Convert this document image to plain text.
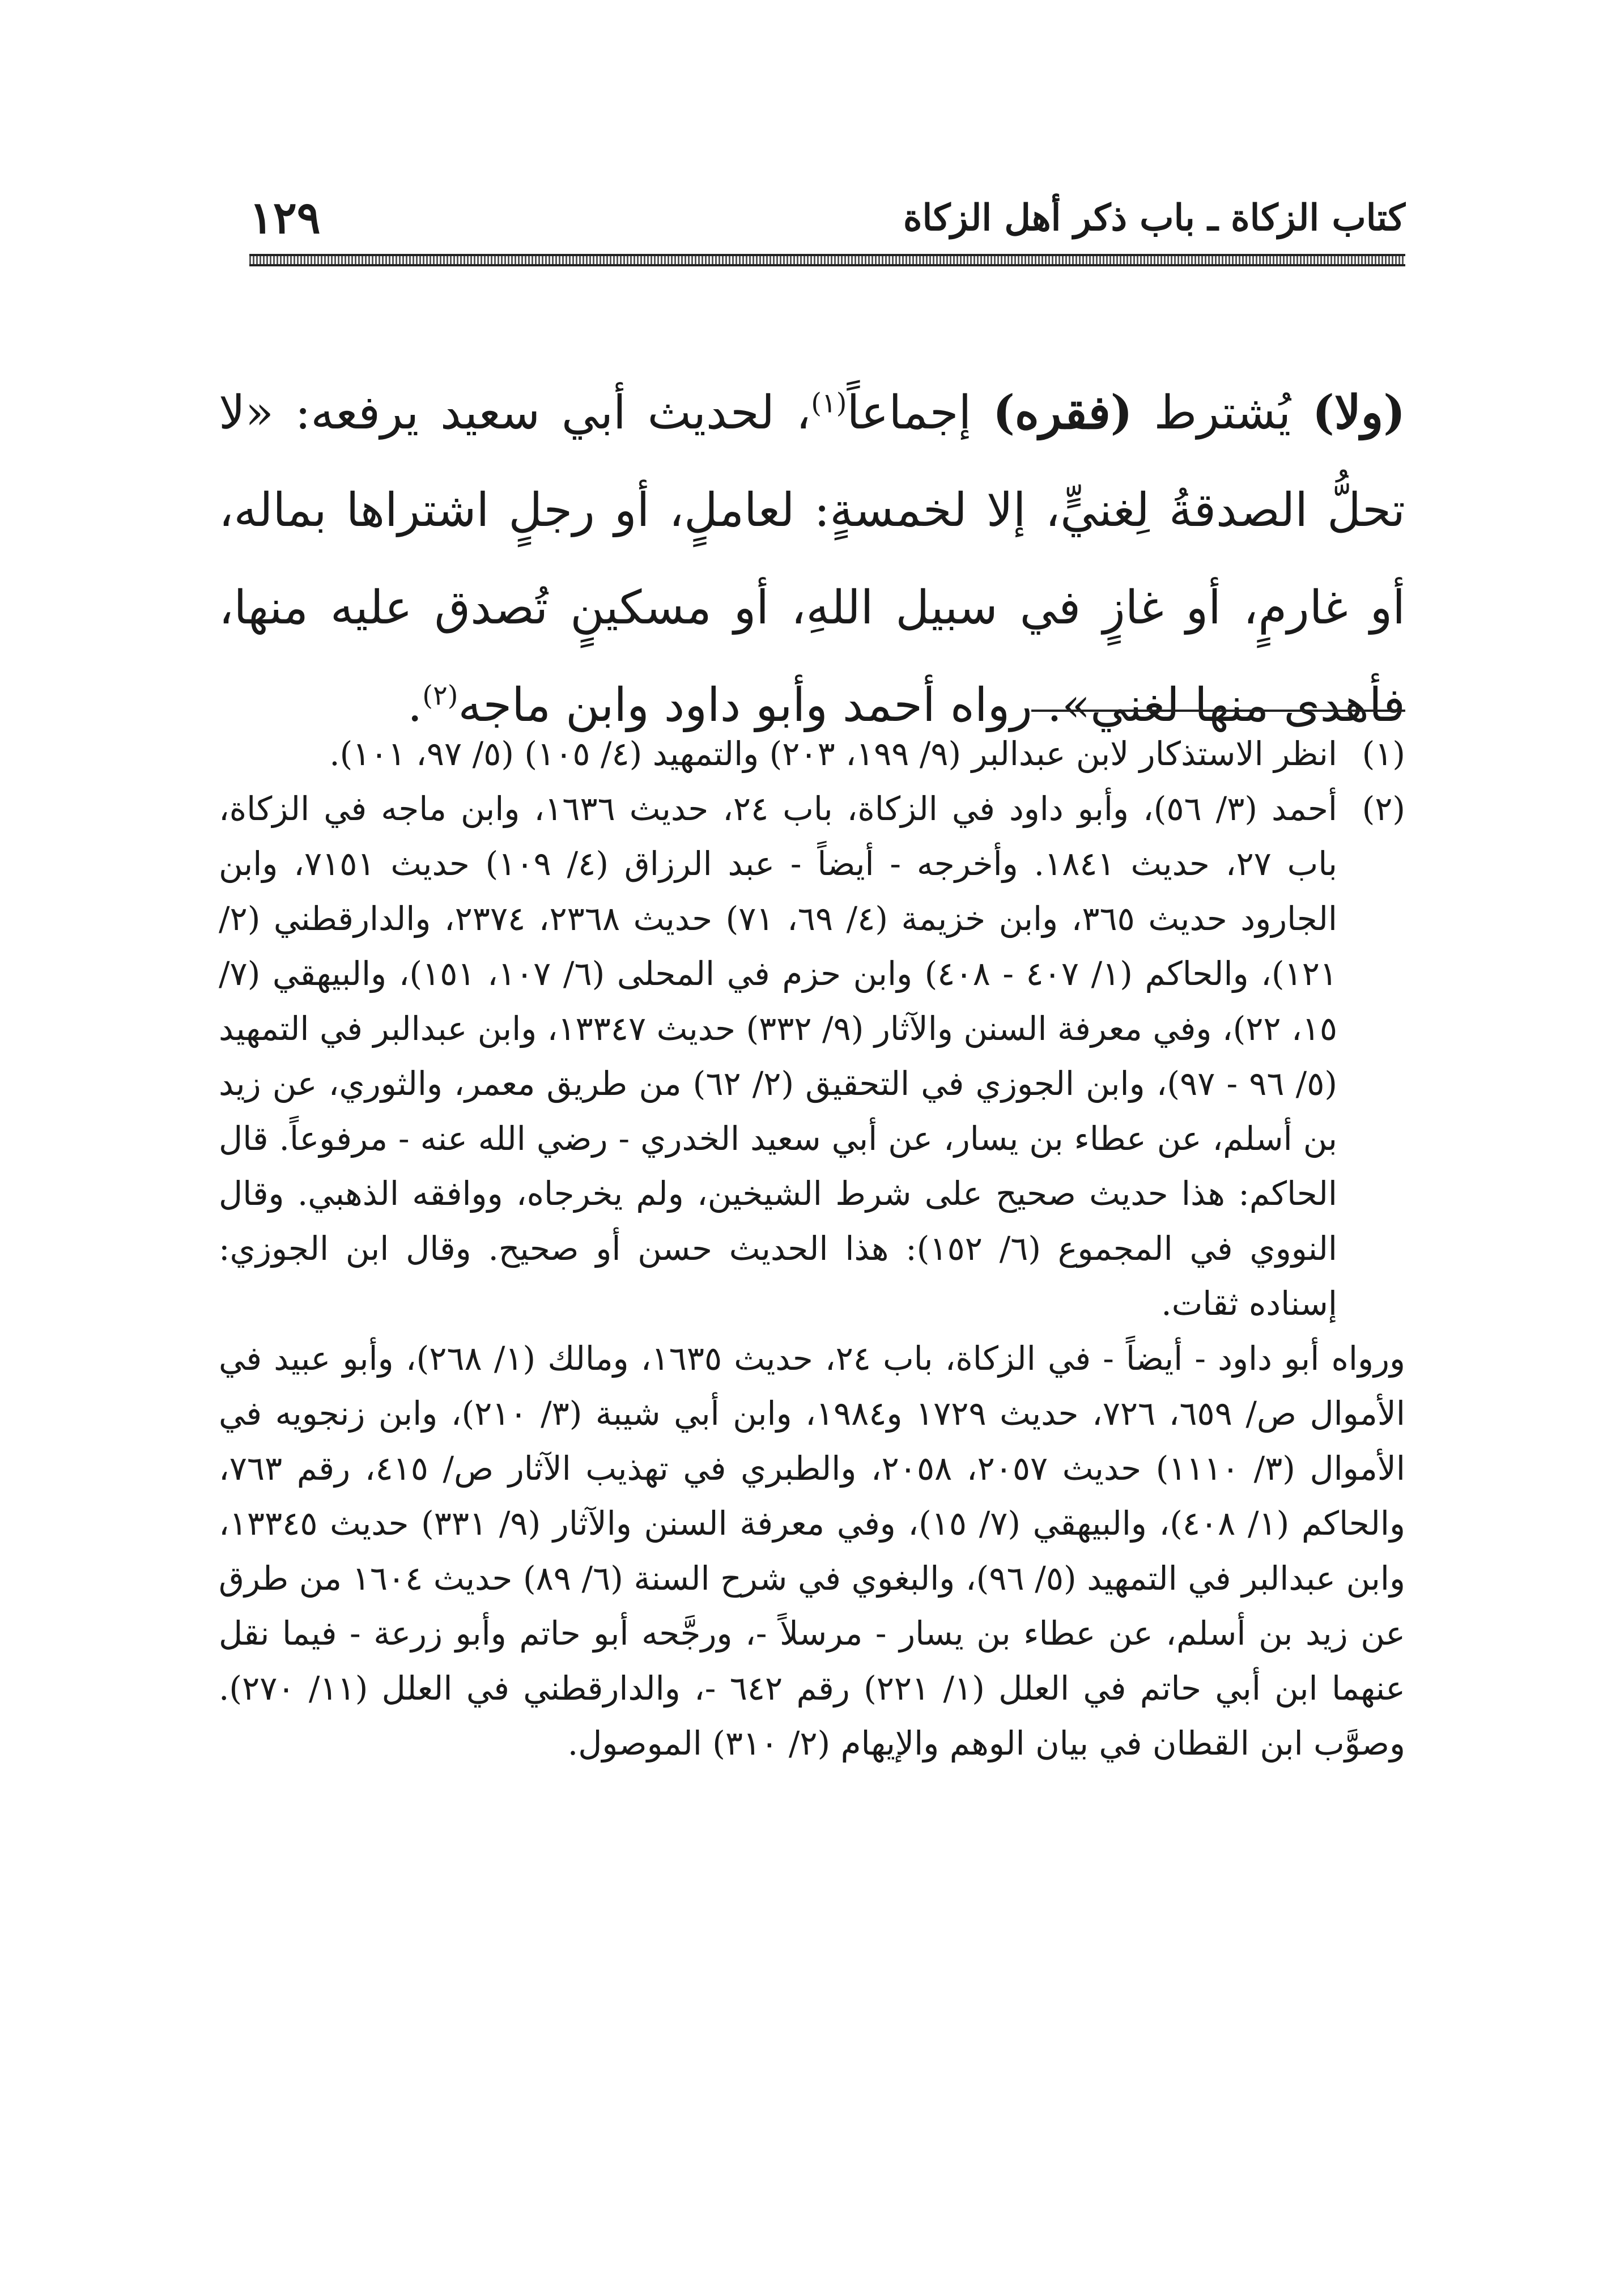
١٢٩	كتاب الزكاة ـ باب ذكر أهل الزكاة

(ولا) يُشترط (فقره) إجماعاً$^{(١)}$، لحديث أبي سعيد يرفعه: «لا تحلُّ الصدقةُ لِغنيٍّ، إلا لخمسةٍ: لعاملٍ، أو رجلٍ اشتراها بماله، أو غارمٍ، أو غازٍ في سبيل اللهِ، أو مسكينٍ تُصدق عليه منها، فأهدى منها لغني». رواه أحمد وأبو داود وابن ماجه$^{(٢)}$.

(١)
انظر الاستذكار لابن عبدالبر (٩/ ١٩٩، ٢٠٣) والتمهيد (٤/ ١٠٥) (٥/ ٩٧، ١٠١).
(٢)
أحمد (٣/ ٥٦)، وأبو داود في الزكاة، باب ٢٤، حديث ١٦٣٦، وابن ماجه في الزكاة، باب ٢٧، حديث ١٨٤١. وأخرجه - أيضاً - عبد الرزاق (٤/ ١٠٩) حديث ٧١٥١، وابن الجارود حديث ٣٦٥، وابن خزيمة (٤/ ٦٩، ٧١) حديث ٢٣٦٨، ٢٣٧٤، والدارقطني (٢/ ١٢١)، والحاكم (١/ ٤٠٧ - ٤٠٨) وابن حزم في المحلى (٦/ ١٠٧، ١٥١)، والبيهقي (٧/ ١٥، ٢٢)، وفي معرفة السنن والآثار (٩/ ٣٣٢) حديث ١٣٣٤٧، وابن عبدالبر في التمهيد (٥/ ٩٦ - ٩٧)، وابن الجوزي في التحقيق (٢/ ٦٢) من طريق معمر، والثوري، عن زيد بن أسلم، عن عطاء بن يسار، عن أبي سعيد الخدري - رضي الله عنه - مرفوعاً. قال الحاكم: هذا حديث صحيح على شرط الشيخين، ولم يخرجاه، ووافقه الذهبي. وقال النووي في المجموع (٦/ ١٥٢): هذا الحديث حسن أو صحيح. وقال ابن الجوزي: إسناده ثقات.

ورواه أبو داود - أيضاً - في الزكاة، باب ٢٤، حديث ١٦٣٥، ومالك (١/ ٢٦٨)، وأبو عبيد في الأموال ص/ ٦٥٩، ٧٢٦، حديث ١٧٢٩ و١٩٨٤، وابن أبي شيبة (٣/ ٢١٠)، وابن زنجويه في الأموال (٣/ ١١١٠) حديث ٢٠٥٧، ٢٠٥٨، والطبري في تهذيب الآثار ص/ ٤١٥، رقم ٧٦٣، والحاكم (١/ ٤٠٨)، والبيهقي (٧/ ١٥)، وفي معرفة السنن والآثار (٩/ ٣٣١) حديث ١٣٣٤٥، وابن عبدالبر في التمهيد (٥/ ٩٦)، والبغوي في شرح السنة (٦/ ٨٩) حديث ١٦٠٤ من طرق عن زيد بن أسلم، عن عطاء بن يسار - مرسلاً -، ورجَّحه أبو حاتم وأبو زرعة - فيما نقل عنهما ابن أبي حاتم في العلل (١/ ٢٢١) رقم ٦٤٢ -، والدارقطني في العلل (١١/ ٢٧٠). وصوَّب ابن القطان في بيان الوهم والإيهام (٢/ ٣١٠) الموصول.
